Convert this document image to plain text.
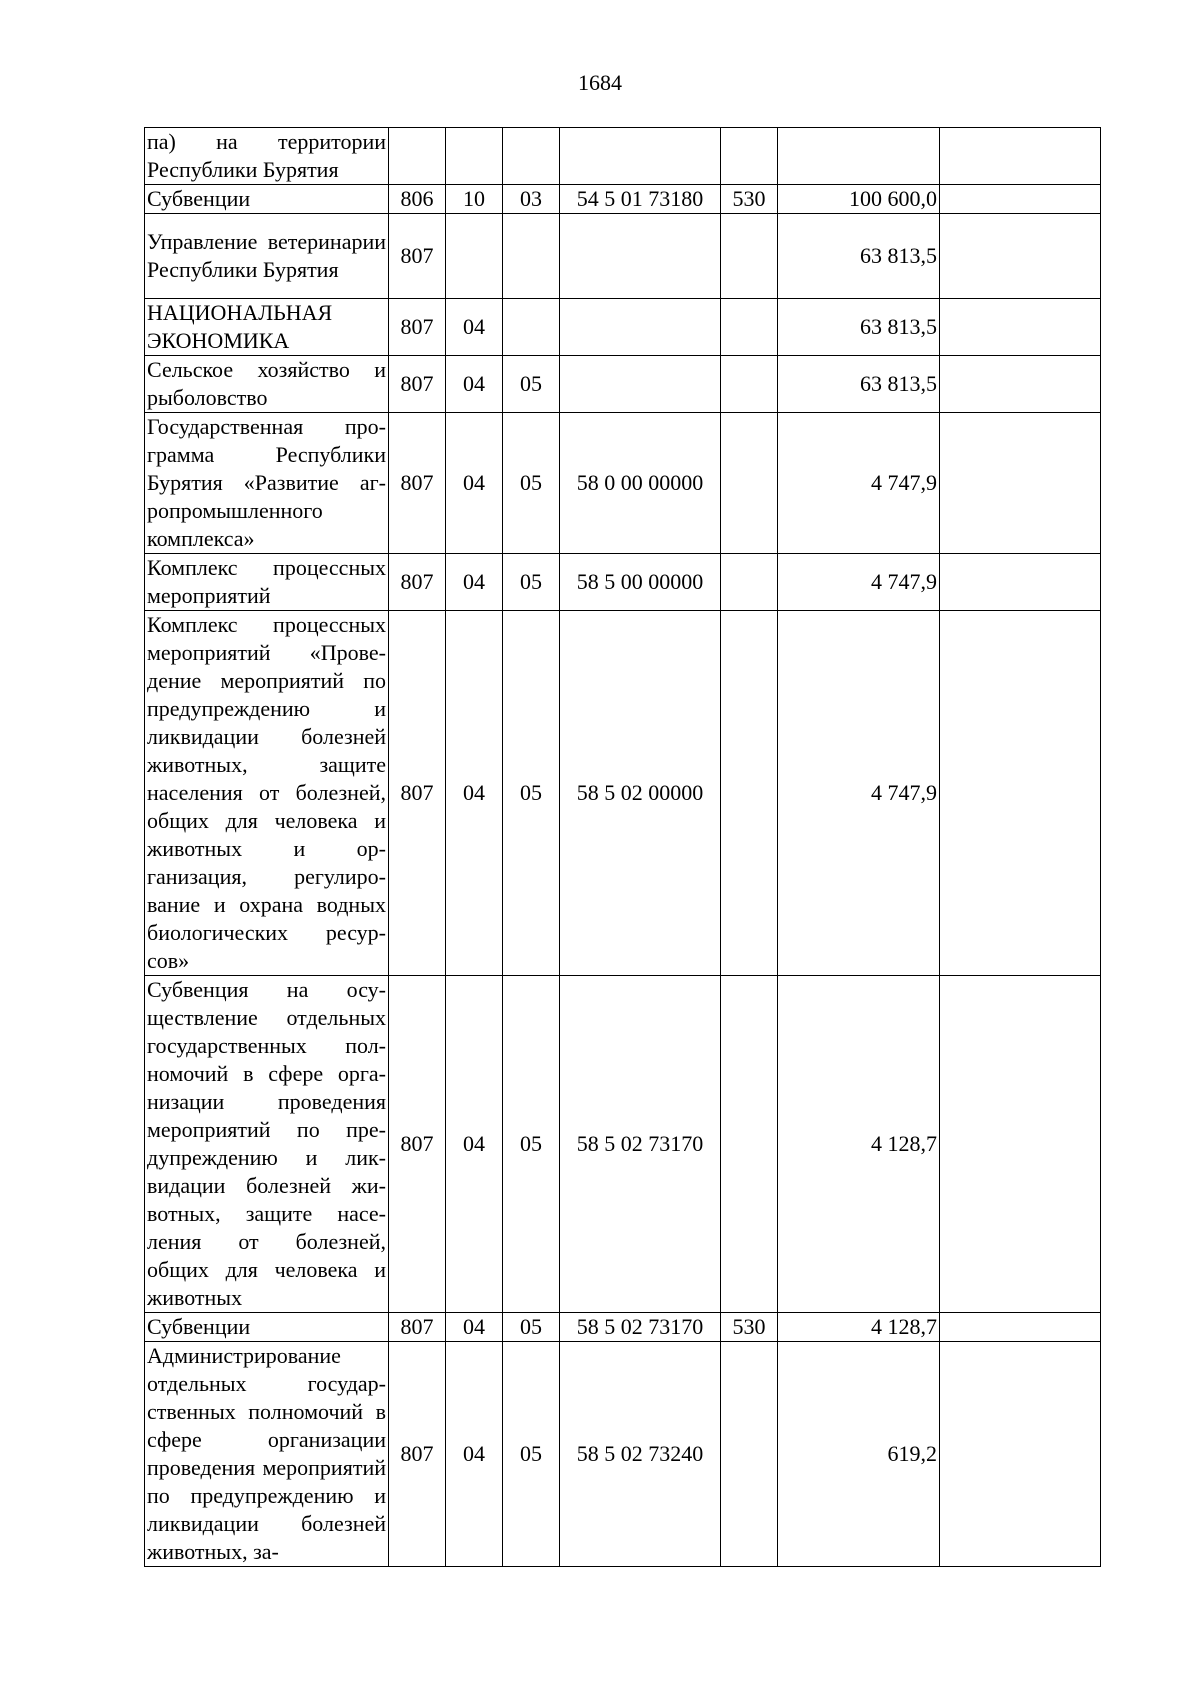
1684
па) на территории Республики Бурятия							
Субвенции	806	10	03	54 5 01 73180	530	100 600,0	
Управление ветеринарии Республики Бурятия	807					63 813,5	
НАЦИОНАЛЬНАЯ ЭКОНОМИКА	807	04				63 813,5	
Сельское хозяйство и рыболовство	807	04	05			63 813,5	
Государственная программа Республики Бурятия «Развитие агропромышленного комплекса»	807	04	05	58 0 00 00000		4 747,9	
Комплекс процессных мероприятий	807	04	05	58 5 00 00000		4 747,9	
Комплекс процессных мероприятий «Проведение мероприятий по предупреждению и ликвидации болезней животных, защите населения от болезней, общих для человека и животных и организация, регулирование и охрана водных биологических ресурсов»	807	04	05	58 5 02 00000		4 747,9	
Субвенция на осуществление отдельных государственных полномочий в сфере организации проведения мероприятий по предупреждению и ликвидации болезней животных, защите населения от болезней, общих для человека и животных	807	04	05	58 5 02 73170		4 128,7	
Субвенции	807	04	05	58 5 02 73170	530	4 128,7	
Администрирование отдельных государственных полномочий в сфере организации проведения мероприятий по предупреждению и ликвидации болезней животных, за-	807	04	05	58 5 02 73240		619,2	
